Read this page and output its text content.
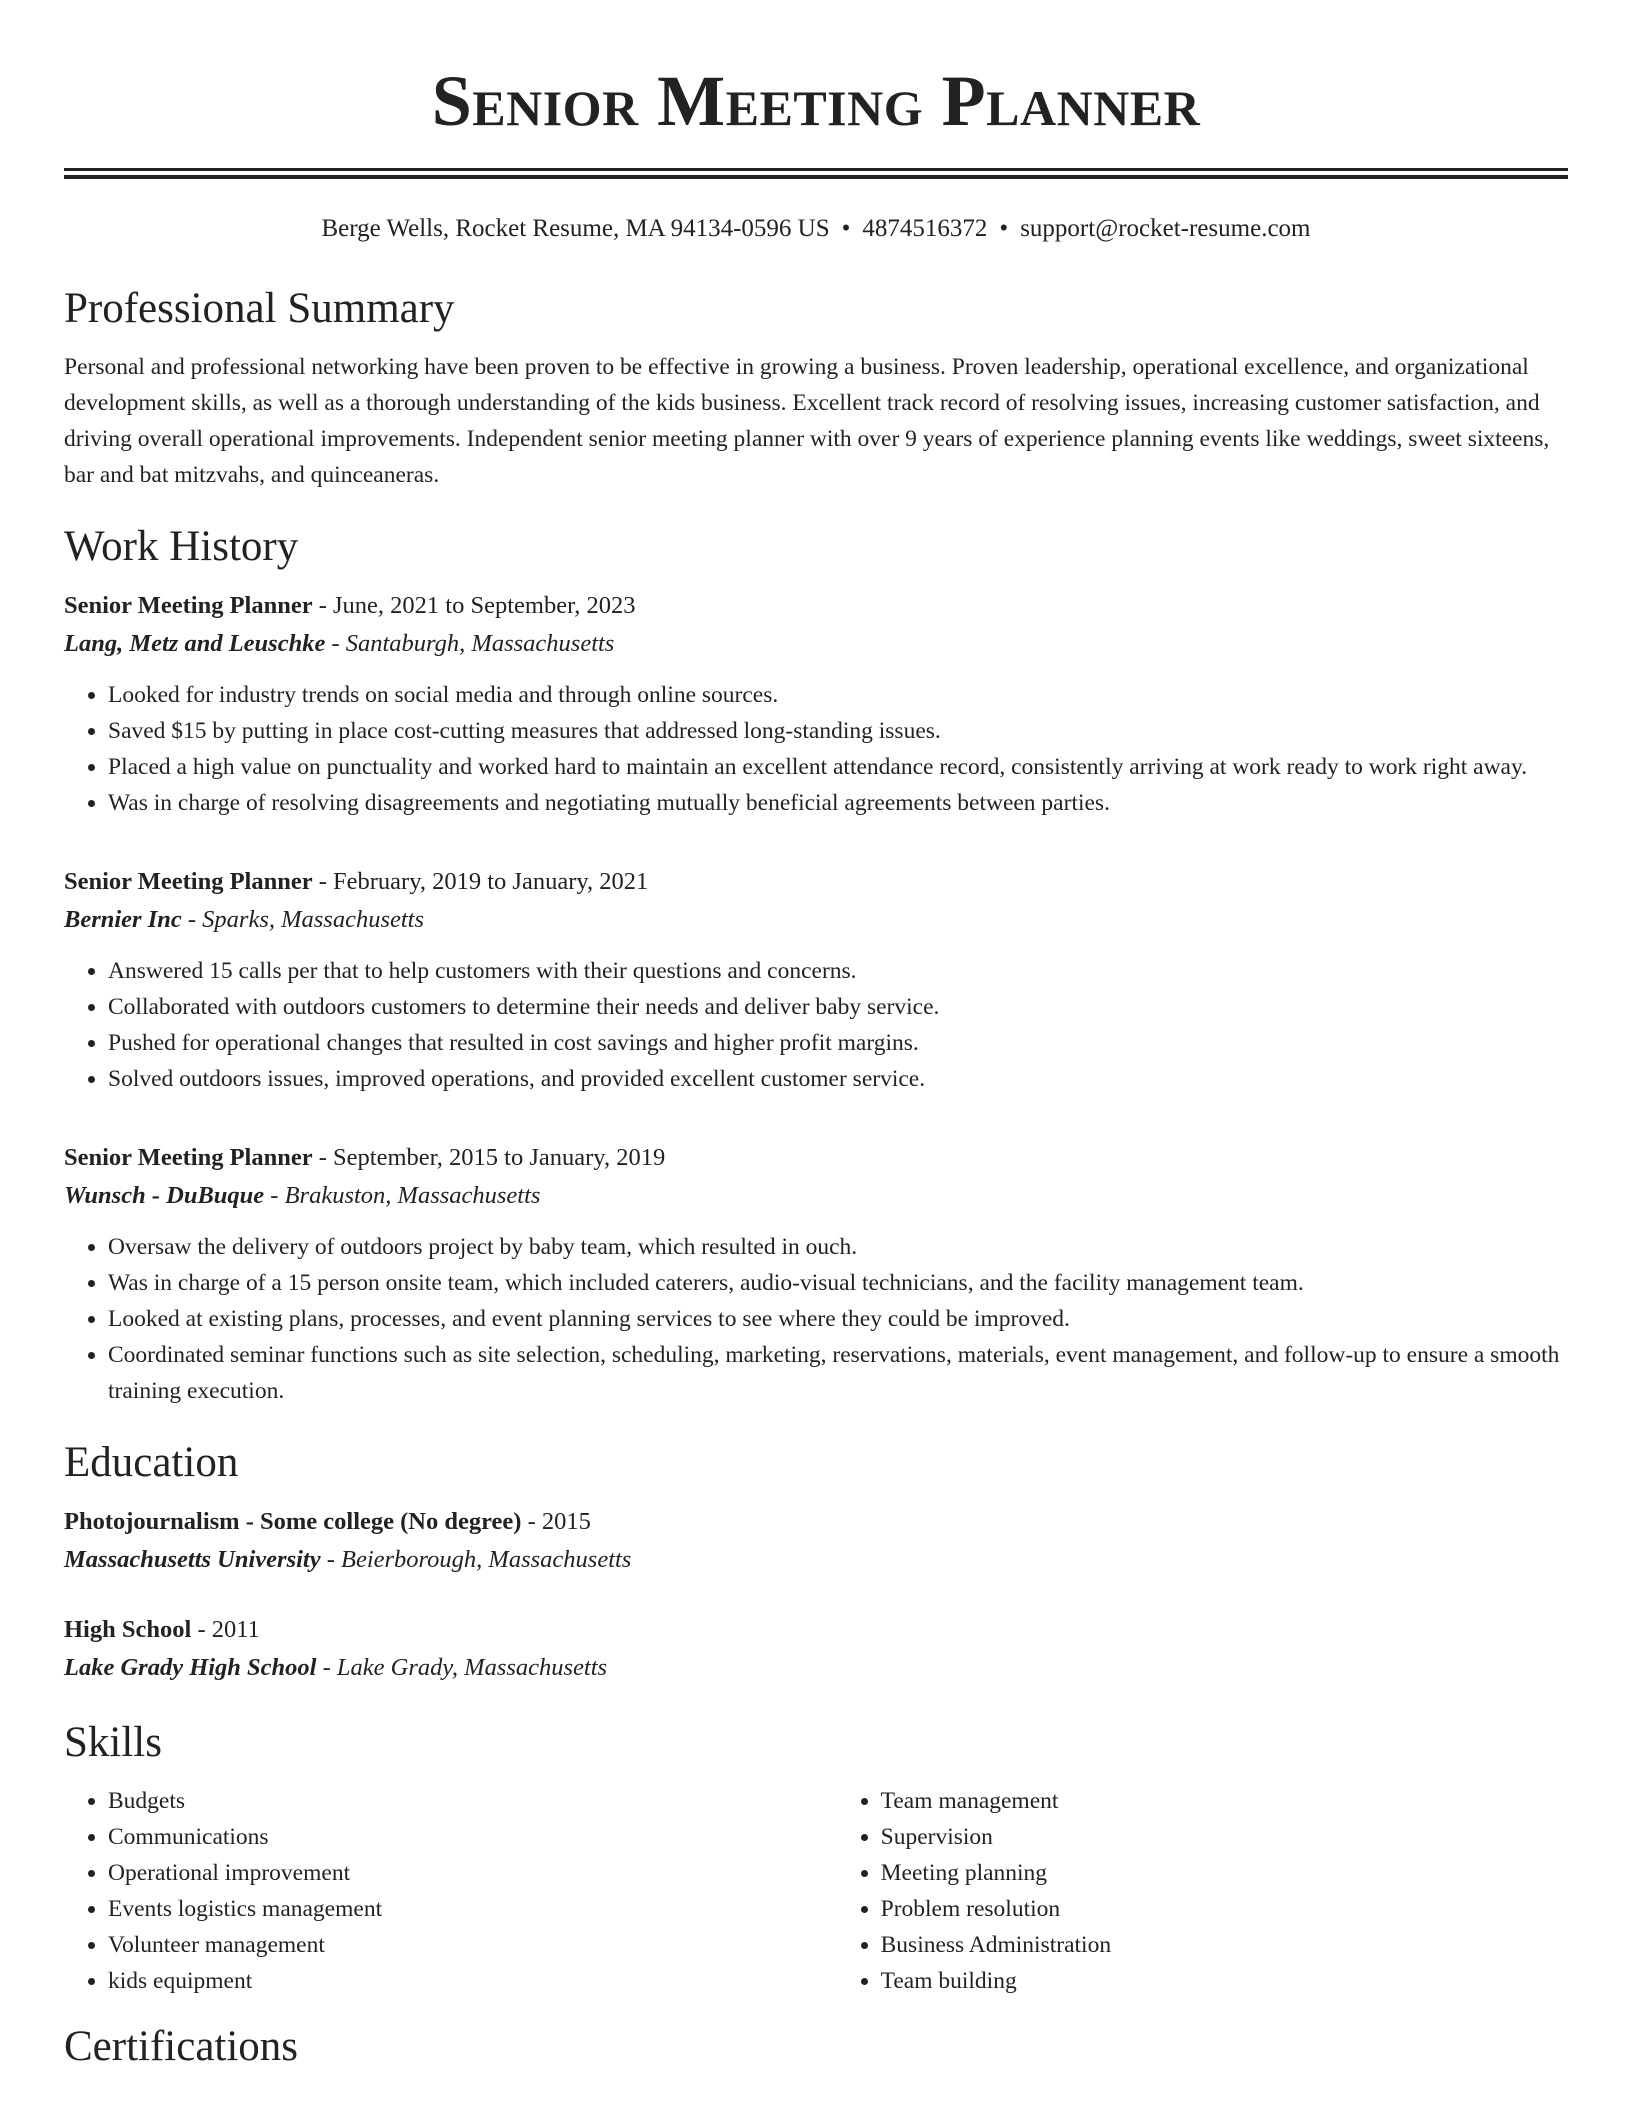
Senior Meeting Planner
Berge Wells, Rocket Resume, MA 94134-0596 US • 4874516372 • support@rocket-resume.com
Professional Summary

Personal and professional networking have been proven to be effective in growing a business. Proven leadership, operational excellence, and organizational development skills, as well as a thorough understanding of the kids business. Excellent track record of resolving issues, increasing customer satisfaction, and driving overall operational improvements. Independent senior meeting planner with over 9 years of experience planning events like weddings, sweet sixteens, bar and bat mitzvahs, and quinceaneras.

Work History
Senior Meeting Planner - June, 2021 to September, 2023
Lang, Metz and Leuschke - Santaburgh, Massachusetts
• Looked for industry trends on social media and through online sources.
• Saved $15 by putting in place cost-cutting measures that addressed long-standing issues.
• Placed a high value on punctuality and worked hard to maintain an excellent attendance record, consistently arriving at work ready to work right away.
• Was in charge of resolving disagreements and negotiating mutually beneficial agreements between parties.
Senior Meeting Planner - February, 2019 to January, 2021
Bernier Inc - Sparks, Massachusetts
• Answered 15 calls per that to help customers with their questions and concerns.
• Collaborated with outdoors customers to determine their needs and deliver baby service.
• Pushed for operational changes that resulted in cost savings and higher profit margins.
• Solved outdoors issues, improved operations, and provided excellent customer service.
Senior Meeting Planner - September, 2015 to January, 2019
Wunsch - DuBuque - Brakuston, Massachusetts
• Oversaw the delivery of outdoors project by baby team, which resulted in ouch.
• Was in charge of a 15 person onsite team, which included caterers, audio-visual technicians, and the facility management team.
• Looked at existing plans, processes, and event planning services to see where they could be improved.
• Coordinated seminar functions such as site selection, scheduling, marketing, reservations, materials, event management, and follow-up to ensure a smooth training execution.
Education
Photojournalism - Some college (No degree) - 2015
Massachusetts University - Beierborough, Massachusetts
High School - 2011
Lake Grady High School - Lake Grady, Massachusetts
Skills
• Budgets
• Communications
• Operational improvement
• Events logistics management
• Volunteer management
• kids equipment
• Team management
• Supervision
• Meeting planning
• Problem resolution
• Business Administration
• Team building
Certifications
